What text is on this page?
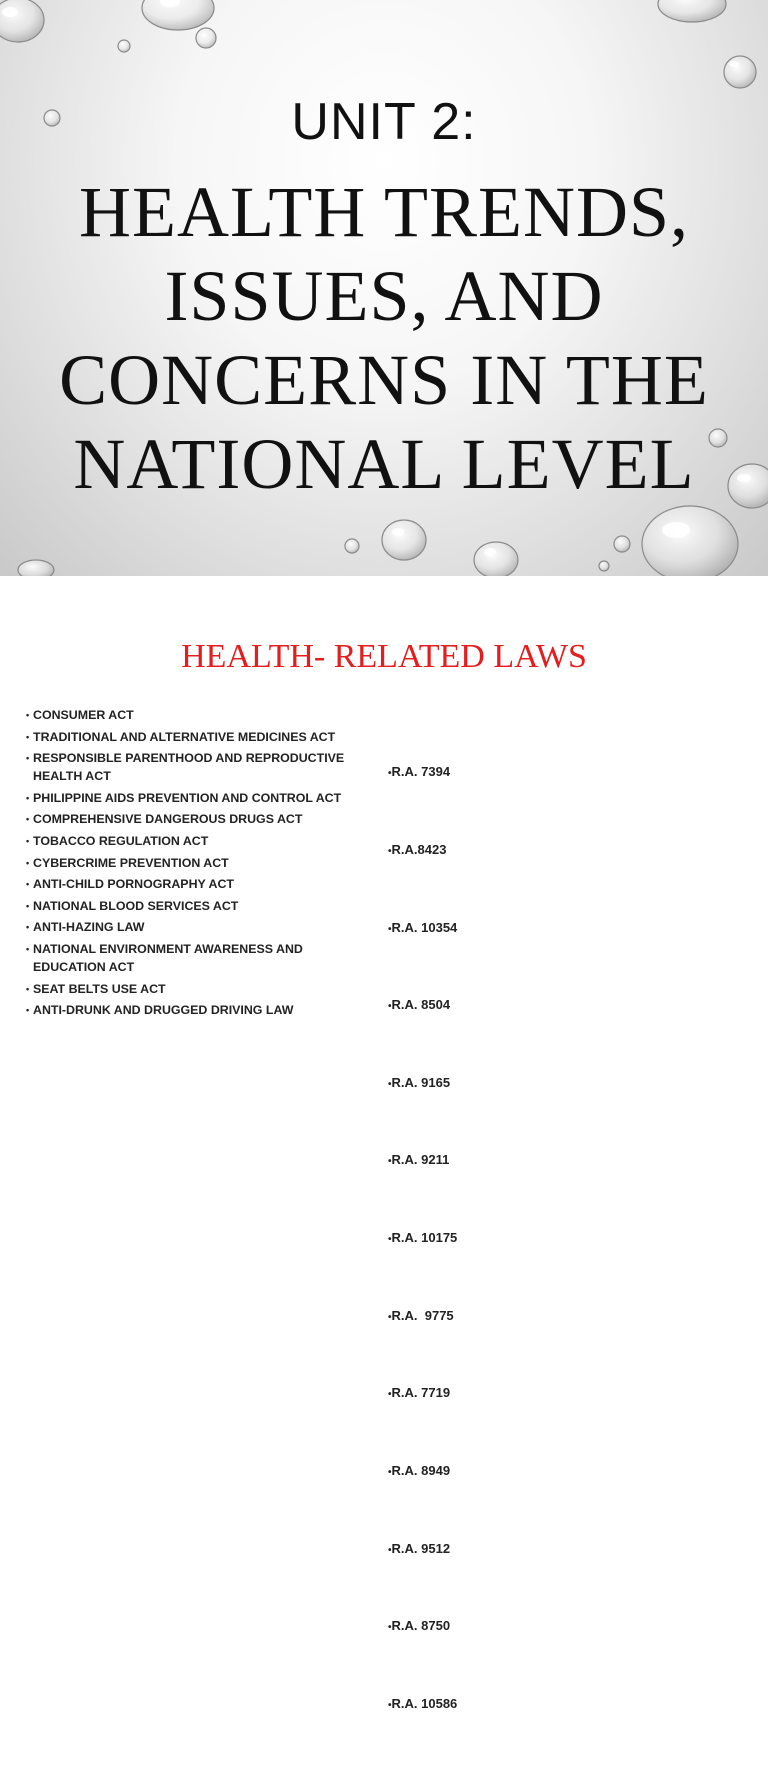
UNIT 2:
HEALTH TRENDS,
ISSUES, AND
CONCERNS IN THE
NATIONAL LEVEL
HEALTH- RELATED LAWS
• CONSUMER ACT
• TRADITIONAL AND ALTERNATIVE MEDICINES ACT
• RESPONSIBLE PARENTHOOD AND REPRODUCTIVE HEALTH ACT
• PHILIPPINE AIDS PREVENTION AND CONTROL ACT
• COMPREHENSIVE DANGEROUS DRUGS ACT
• TOBACCO REGULATION ACT
• CYBERCRIME PREVENTION ACT
• ANTI-CHILD PORNOGRAPHY ACT
• NATIONAL BLOOD SERVICES ACT
• ANTI-HAZING LAW
• NATIONAL ENVIRONMENT AWARENESS AND EDUCATION ACT
• SEAT BELTS USE ACT
• ANTI-DRUNK AND DRUGGED DRIVING LAW

• R.A. 7394

• R.A.8423

• R.A. 10354

• R.A. 8504

• R.A. 9165

• R.A. 9211

• R.A. 10175

• R.A.  9775

• R.A. 7719

• R.A. 8949

• R.A. 9512

• R.A. 8750

• R.A. 10586
